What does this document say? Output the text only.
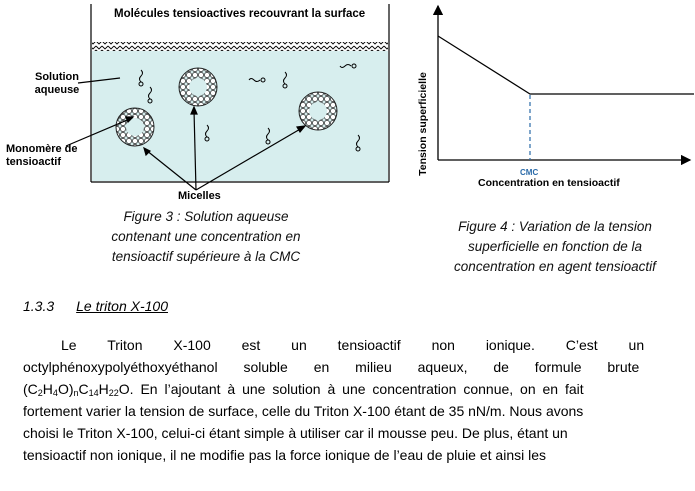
Molécules tensioactives recouvrant la surface
Solution
aqueuse
Monomère de
tensioactif
Micelles
Figure 3 : Solution aqueuse
contenant une concentration en
tensioactif supérieure à la CMC
Tension superficielle	CMC
Concentration en tensioactif
Figure 4 : Variation de la tension
superficielle en fonction de la
concentration en agent tensioactif
1.3.3 Le triton X-100
Le Triton X-100 est un tensioactif non ionique. C’est un
octylphénoxypolyéthoxyéthanol soluble en milieu aqueux, de formule brute
$(C_2H_4O)_nC_{14}H_{22}O$. En l’ajoutant à une solution à une concentration connue, on en fait
fortement varier la tension de surface, celle du Triton X-100 étant de 35 nN/m. Nous avons
choisi le Triton X-100, celui-ci étant simple à utiliser car il mousse peu. De plus, étant un
tensioactif non ionique, il ne modifie pas la force ionique de l’eau de pluie et ainsi les
